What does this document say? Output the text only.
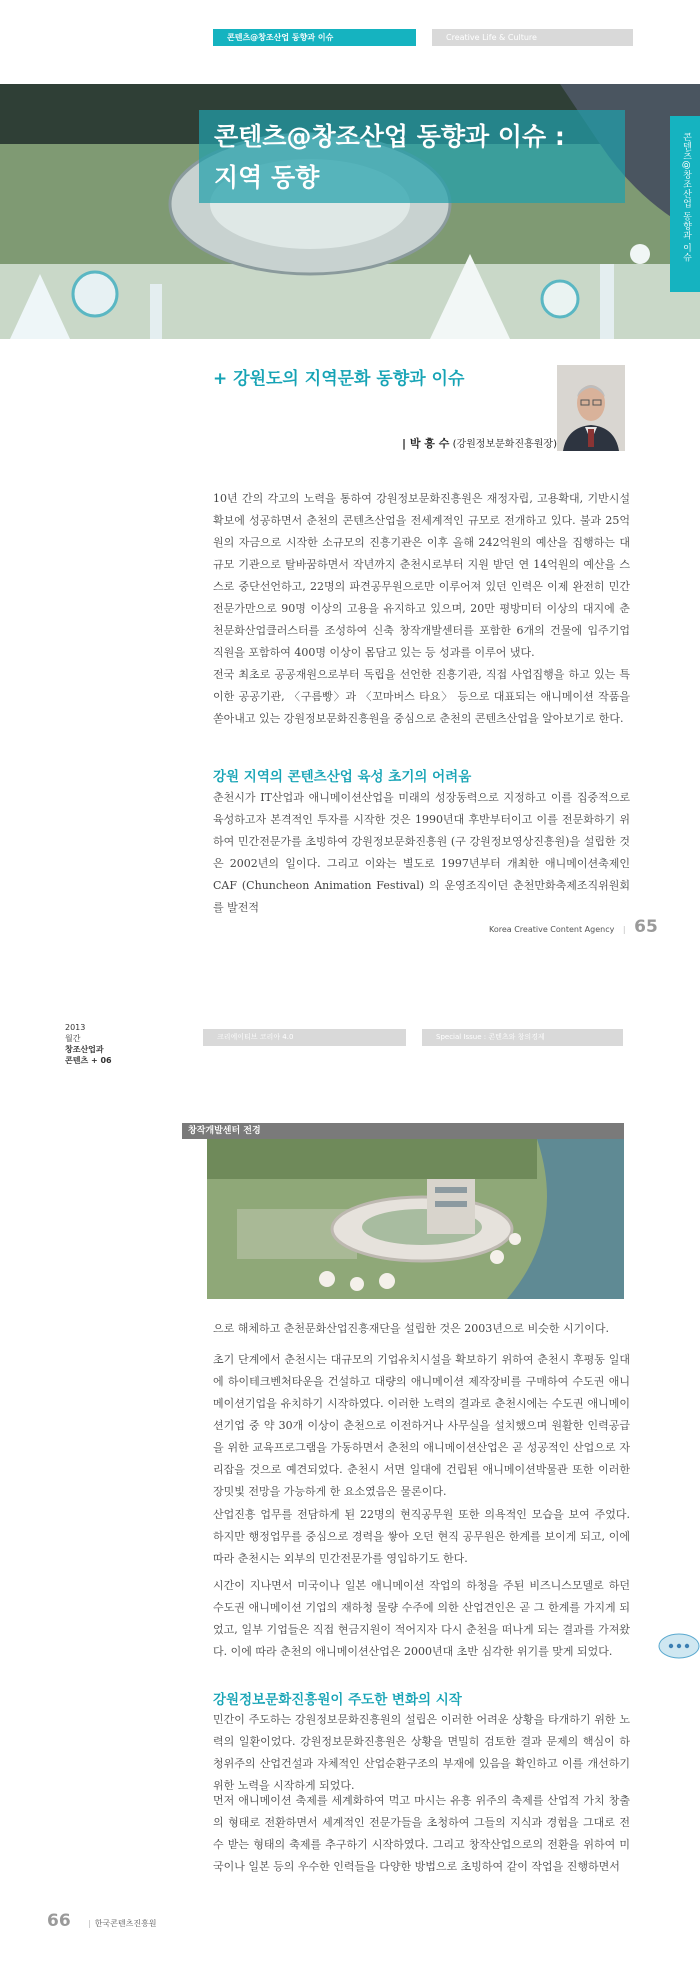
콘텐츠@창조산업 동향과 이슈	Creative Life & Culture
콘텐츠@창조산업 동향과 이슈 :
지역 동향	콘텐츠@창조산업 동향과 이슈
+ 강원도의 지역문화 동향과 이슈
| 박 흥 수 (강원정보문화진흥원장)
10년 간의 각고의 노력을 통하여 강원정보문화진흥원은 재정자립, 고용확대, 기반시설 확보에 성공하면서 춘천의 콘텐츠산업을 전세계적인 규모로 전개하고 있다. 불과 25억원의 자금으로 시작한 소규모의 진흥기관은 이후 올해 242억원의 예산을 집행하는 대규모 기관으로 탈바꿈하면서 작년까지 춘천시로부터 지원 받던 연 14억원의 예산을 스스로 중단선언하고, 22명의 파견공무원으로만 이루어져 있던 인력은 이제 완전히 민간전문가만으로 90명 이상의 고용을 유지하고 있으며, 20만 평방미터 이상의 대지에 춘천문화산업클러스터를 조성하여 신축 창작개발센터를 포함한 6개의 건물에 입주기업 직원을 포함하여 400명 이상이 몸담고 있는 등 성과를 이루어 냈다.
전국 최초로 공공재원으로부터 독립을 선언한 진흥기관, 직접 사업집행을 하고 있는 특이한 공공기관, 〈구름빵〉과 〈꼬마버스 타요〉 등으로 대표되는 애니메이션 작품을 쏟아내고 있는 강원정보문화진흥원을 중심으로 춘천의 콘텐츠산업을 알아보기로 한다.
강원 지역의 콘텐츠산업 육성 초기의 어려움
춘천시가 IT산업과 애니메이션산업을 미래의 성장동력으로 지정하고 이를 집중적으로 육성하고자 본격적인 투자를 시작한 것은 1990년대 후반부터이고 이를 전문화하기 위하여 민간전문가를 초빙하여 강원정보문화진흥원 (구 강원정보영상진흥원)을 설립한 것은 2002년의 일이다. 그리고 이와는 별도로 1997년부터 개최한 애니메이션축제인 CAF (Chuncheon Animation Festival) 의 운영조직이던 춘천만화축제조직위원회를 발전적
Korea Creative Content Agency | 65
2013
월간
창조산업과
콘텐츠 + 06
크리에이티브 코리아 4.0	Special Issue : 콘텐츠와 창의경제
창작개발센터 전경
으로 해체하고 춘천문화산업진흥재단을 설립한 것은 2003년으로 비슷한 시기이다.
초기 단계에서 춘천시는 대규모의 기업유치시설을 확보하기 위하여 춘천시 후평동 일대에 하이테크벤처타운을 건설하고 대량의 애니메이션 제작장비를 구매하여 수도권 애니메이션기업을 유치하기 시작하였다. 이러한 노력의 결과로 춘천시에는 수도권 애니메이션기업 중 약 30개 이상이 춘천으로 이전하거나 사무실을 설치했으며 원활한 인력공급을 위한 교육프로그램을 가동하면서 춘천의 애니메이션산업은 곧 성공적인 산업으로 자리잡을 것으로 예견되었다. 춘천시 서면 일대에 건립된 애니메이션박물관 또한 이러한 장밋빛 전망을 가능하게 한 요소였음은 물론이다.
산업진흥 업무를 전담하게 된 22명의 현직공무원 또한 의욕적인 모습을 보여 주었다. 하지만 행정업무를 중심으로 경력을 쌓아 오던 현직 공무원은 한계를 보이게 되고, 이에 따라 춘천시는 외부의 민간전문가를 영입하기도 한다.
시간이 지나면서 미국이나 일본 애니메이션 작업의 하청을 주된 비즈니스모델로 하던 수도권 애니메이션 기업의 재하청 물량 수주에 의한 산업견인은 곧 그 한계를 가지게 되었고, 일부 기업들은 직접 현금지원이 적어지자 다시 춘천을 떠나게 되는 결과를 가져왔다. 이에 따라 춘천의 애니메이션산업은 2000년대 초반 심각한 위기를 맞게 되었다.
강원정보문화진흥원이 주도한 변화의 시작
민간이 주도하는 강원정보문화진흥원의 설립은 이러한 어려운 상황을 타개하기 위한 노력의 일환이었다. 강원정보문화진흥원은 상황을 면밀히 검토한 결과 문제의 핵심이 하청위주의 산업건설과 자체적인 산업순환구조의 부재에 있음을 확인하고 이를 개선하기 위한 노력을 시작하게 되었다.
먼저 애니메이션 축제를 세계화하여 먹고 마시는 유흥 위주의 축제를 산업적 가치 창출의 형태로 전환하면서 세계적인 전문가들을 초청하여 그들의 지식과 경험을 그대로 전수 받는 형태의 축제를 추구하기 시작하였다. 그리고 창작산업으로의 전환을 위하여 미국이나 일본 등의 우수한 인력들을 다양한 방법으로 초빙하여 같이 작업을 진행하면서
66 | 한국콘텐츠진흥원
